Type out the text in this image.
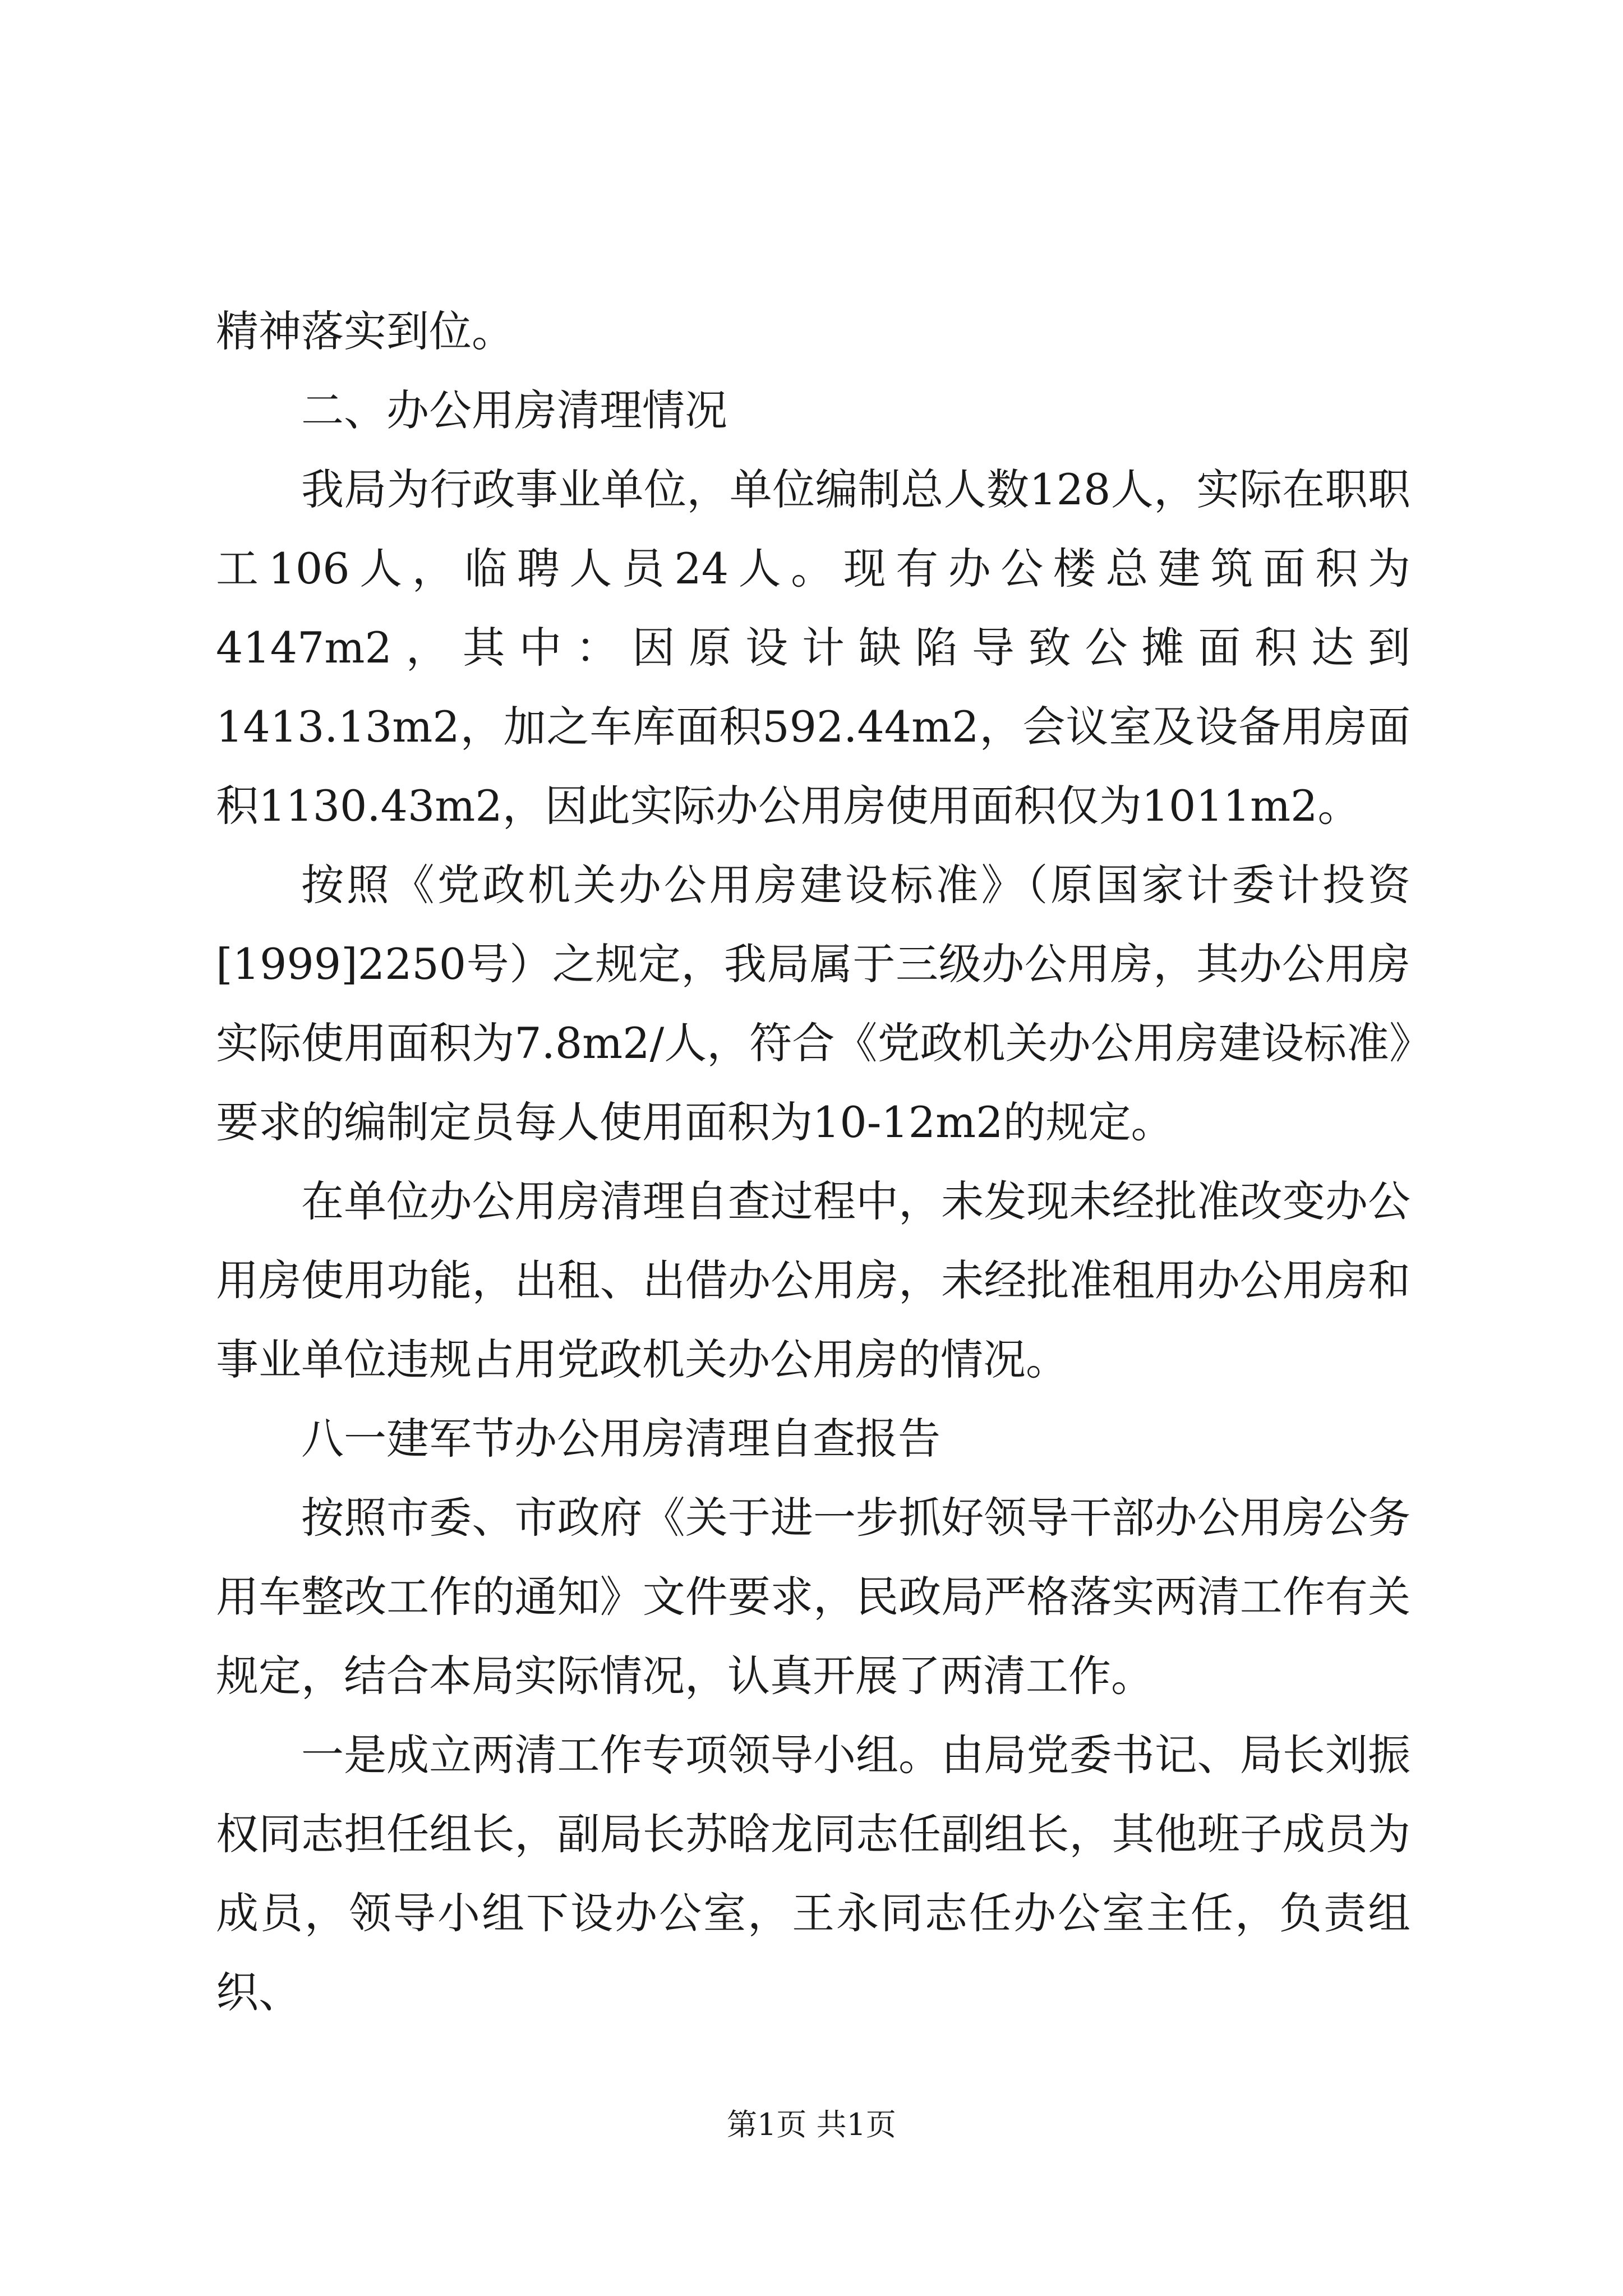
精神落实到位。

二、办公用房清理情况

我局为行政事业单位，单位编制总人数128人，实际在职职工106人，临聘人员24人。现有办公楼总建筑面积为4147m2，其中：因原设计缺陷导致公摊面积达到1413.13m2，加之车库面积592.44m2，会议室及设备用房面积1130.43m2，因此实际办公用房使用面积仅为1011m2。

按照《党政机关办公用房建设标准》（原国家计委计投资[1999]2250号）之规定，我局属于三级办公用房，其办公用房实际使用面积为7.8m2/人，符合《党政机关办公用房建设标准》要求的编制定员每人使用面积为10-12m2的规定。

在单位办公用房清理自查过程中，未发现未经批准改变办公用房使用功能，出租、出借办公用房，未经批准租用办公用房和事业单位违规占用党政机关办公用房的情况。

八一建军节办公用房清理自查报告

按照市委、市政府《关于进一步抓好领导干部办公用房公务用车整改工作的通知》文件要求，民政局严格落实两清工作有关规定，结合本局实际情况，认真开展了两清工作。

一是成立两清工作专项领导小组。由局党委书记、局长刘振权同志担任组长，副局长苏晗龙同志任副组长，其他班子成员为成员，领导小组下设办公室，王永同志任办公室主任，负责组织、

第1页 共1页
